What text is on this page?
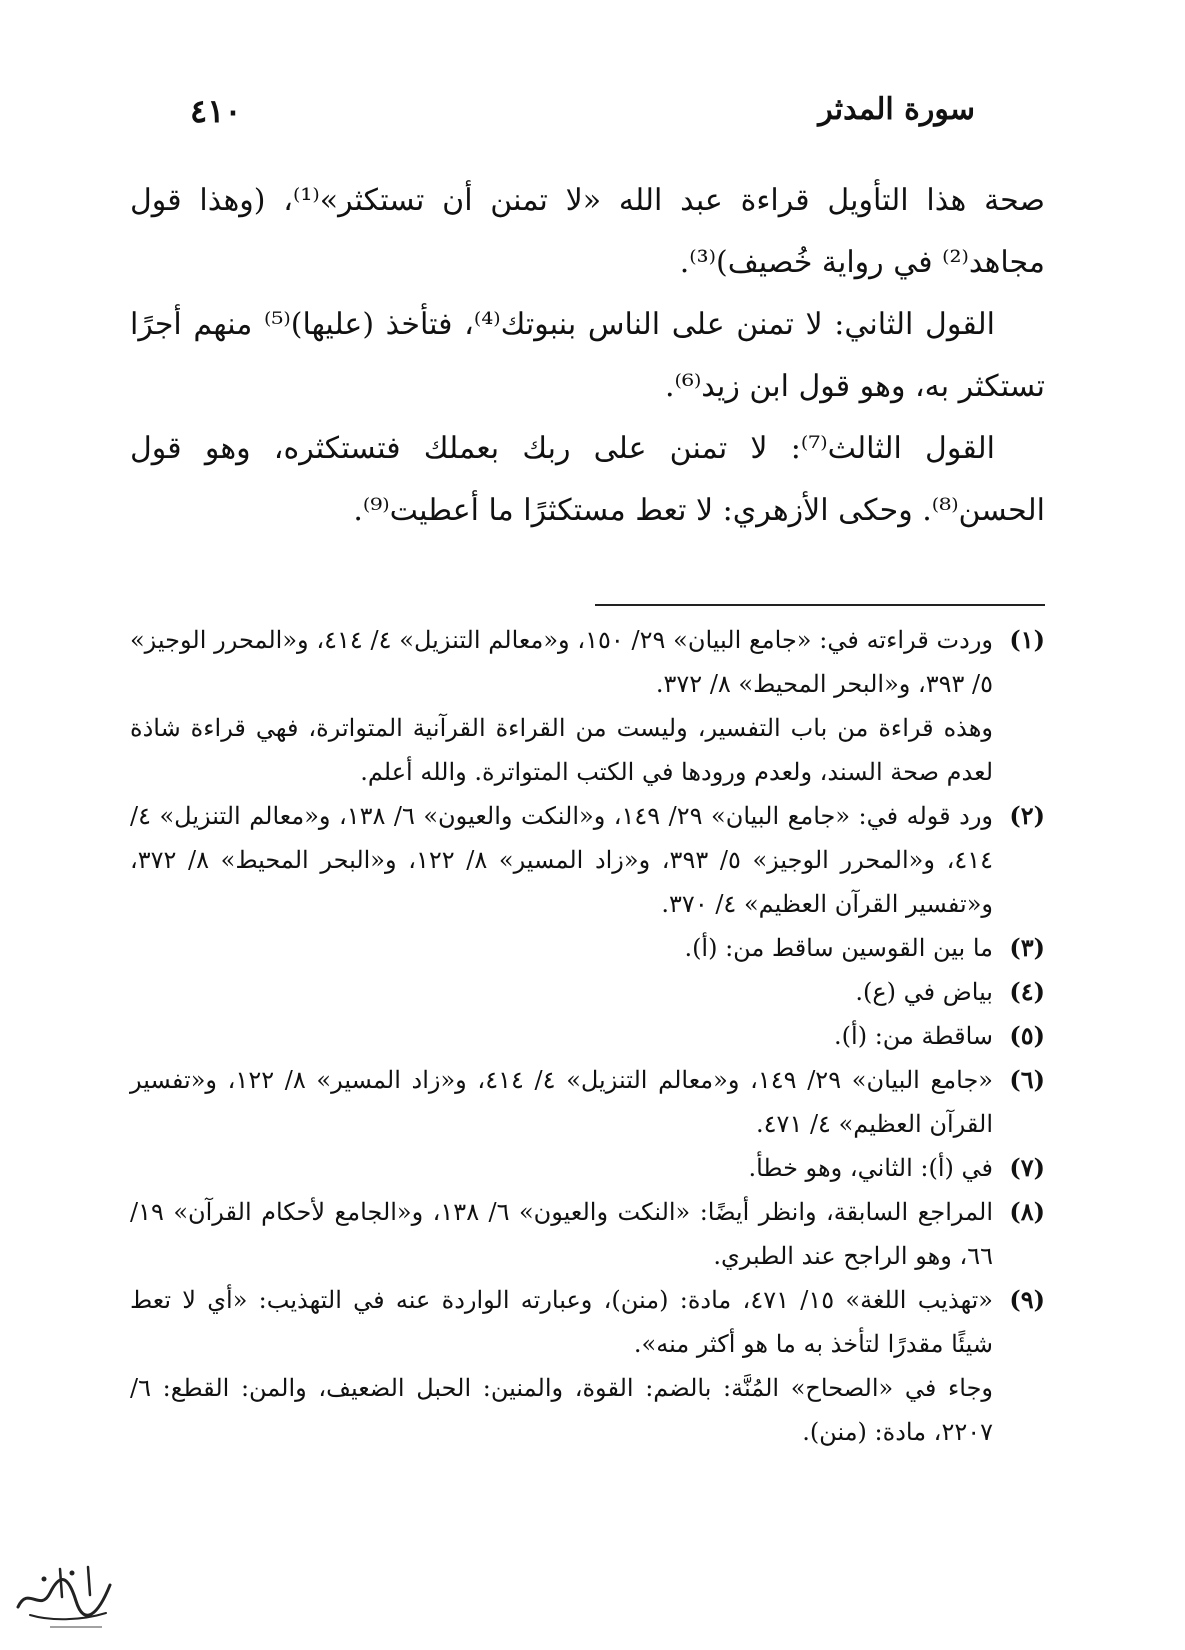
سورة المدثر
٤١٠

صحة هذا التأويل قراءة عبد الله «لا تمنن أن تستكثر»⁽¹⁾، (وهذا قول مجاهد⁽²⁾ في رواية خُصيف)⁽³⁾.

القول الثاني: لا تمنن على الناس بنبوتك⁽⁴⁾، فتأخذ (عليها)⁽⁵⁾ منهم أجرًا تستكثر به، وهو قول ابن زيد⁽⁶⁾.

القول الثالث⁽⁷⁾: لا تمنن على ربك بعملك فتستكثره، وهو قول الحسن⁽⁸⁾. وحكى الأزهري: لا تعط مستكثرًا ما أعطيت⁽⁹⁾.

(١)
وردت قراءته في: «جامع البيان» ٢٩/ ١٥٠، و«معالم التنزيل» ٤/ ٤١٤، و«المحرر الوجيز» ٥/ ٣٩٣، و«البحر المحيط» ٨/ ٣٧٢.
وهذه قراءة من باب التفسير، وليست من القراءة القرآنية المتواترة، فهي قراءة شاذة لعدم صحة السند، ولعدم ورودها في الكتب المتواترة. والله أعلم.
(٢)
ورد قوله في: «جامع البيان» ٢٩/ ١٤٩، و«النكت والعيون» ٦/ ١٣٨، و«معالم التنزيل» ٤/ ٤١٤، و«المحرر الوجيز» ٥/ ٣٩٣، و«زاد المسير» ٨/ ١٢٢، و«البحر المحيط» ٨/ ٣٧٢، و«تفسير القرآن العظيم» ٤/ ٣٧٠.
(٣)
ما بين القوسين ساقط من: (أ).
(٤)
بياض في (ع).
(٥)
ساقطة من: (أ).
(٦)
«جامع البيان» ٢٩/ ١٤٩، و«معالم التنزيل» ٤/ ٤١٤، و«زاد المسير» ٨/ ١٢٢، و«تفسير القرآن العظيم» ٤/ ٤٧١.
(٧)
في (أ): الثاني، وهو خطأ.
(٨)
المراجع السابقة، وانظر أيضًا: «النكت والعيون» ٦/ ١٣٨، و«الجامع لأحكام القرآن» ١٩/ ٦٦، وهو الراجح عند الطبري.
(٩)
«تهذيب اللغة» ١٥/ ٤٧١، مادة: (منن)، وعبارته الواردة عنه في التهذيب: «أي لا تعط شيئًا مقدرًا لتأخذ به ما هو أكثر منه».
وجاء في «الصحاح» المُنَّة: بالضم: القوة، والمنين: الحبل الضعيف، والمن: القطع: ٦/ ٢٢٠٧، مادة: (منن).
